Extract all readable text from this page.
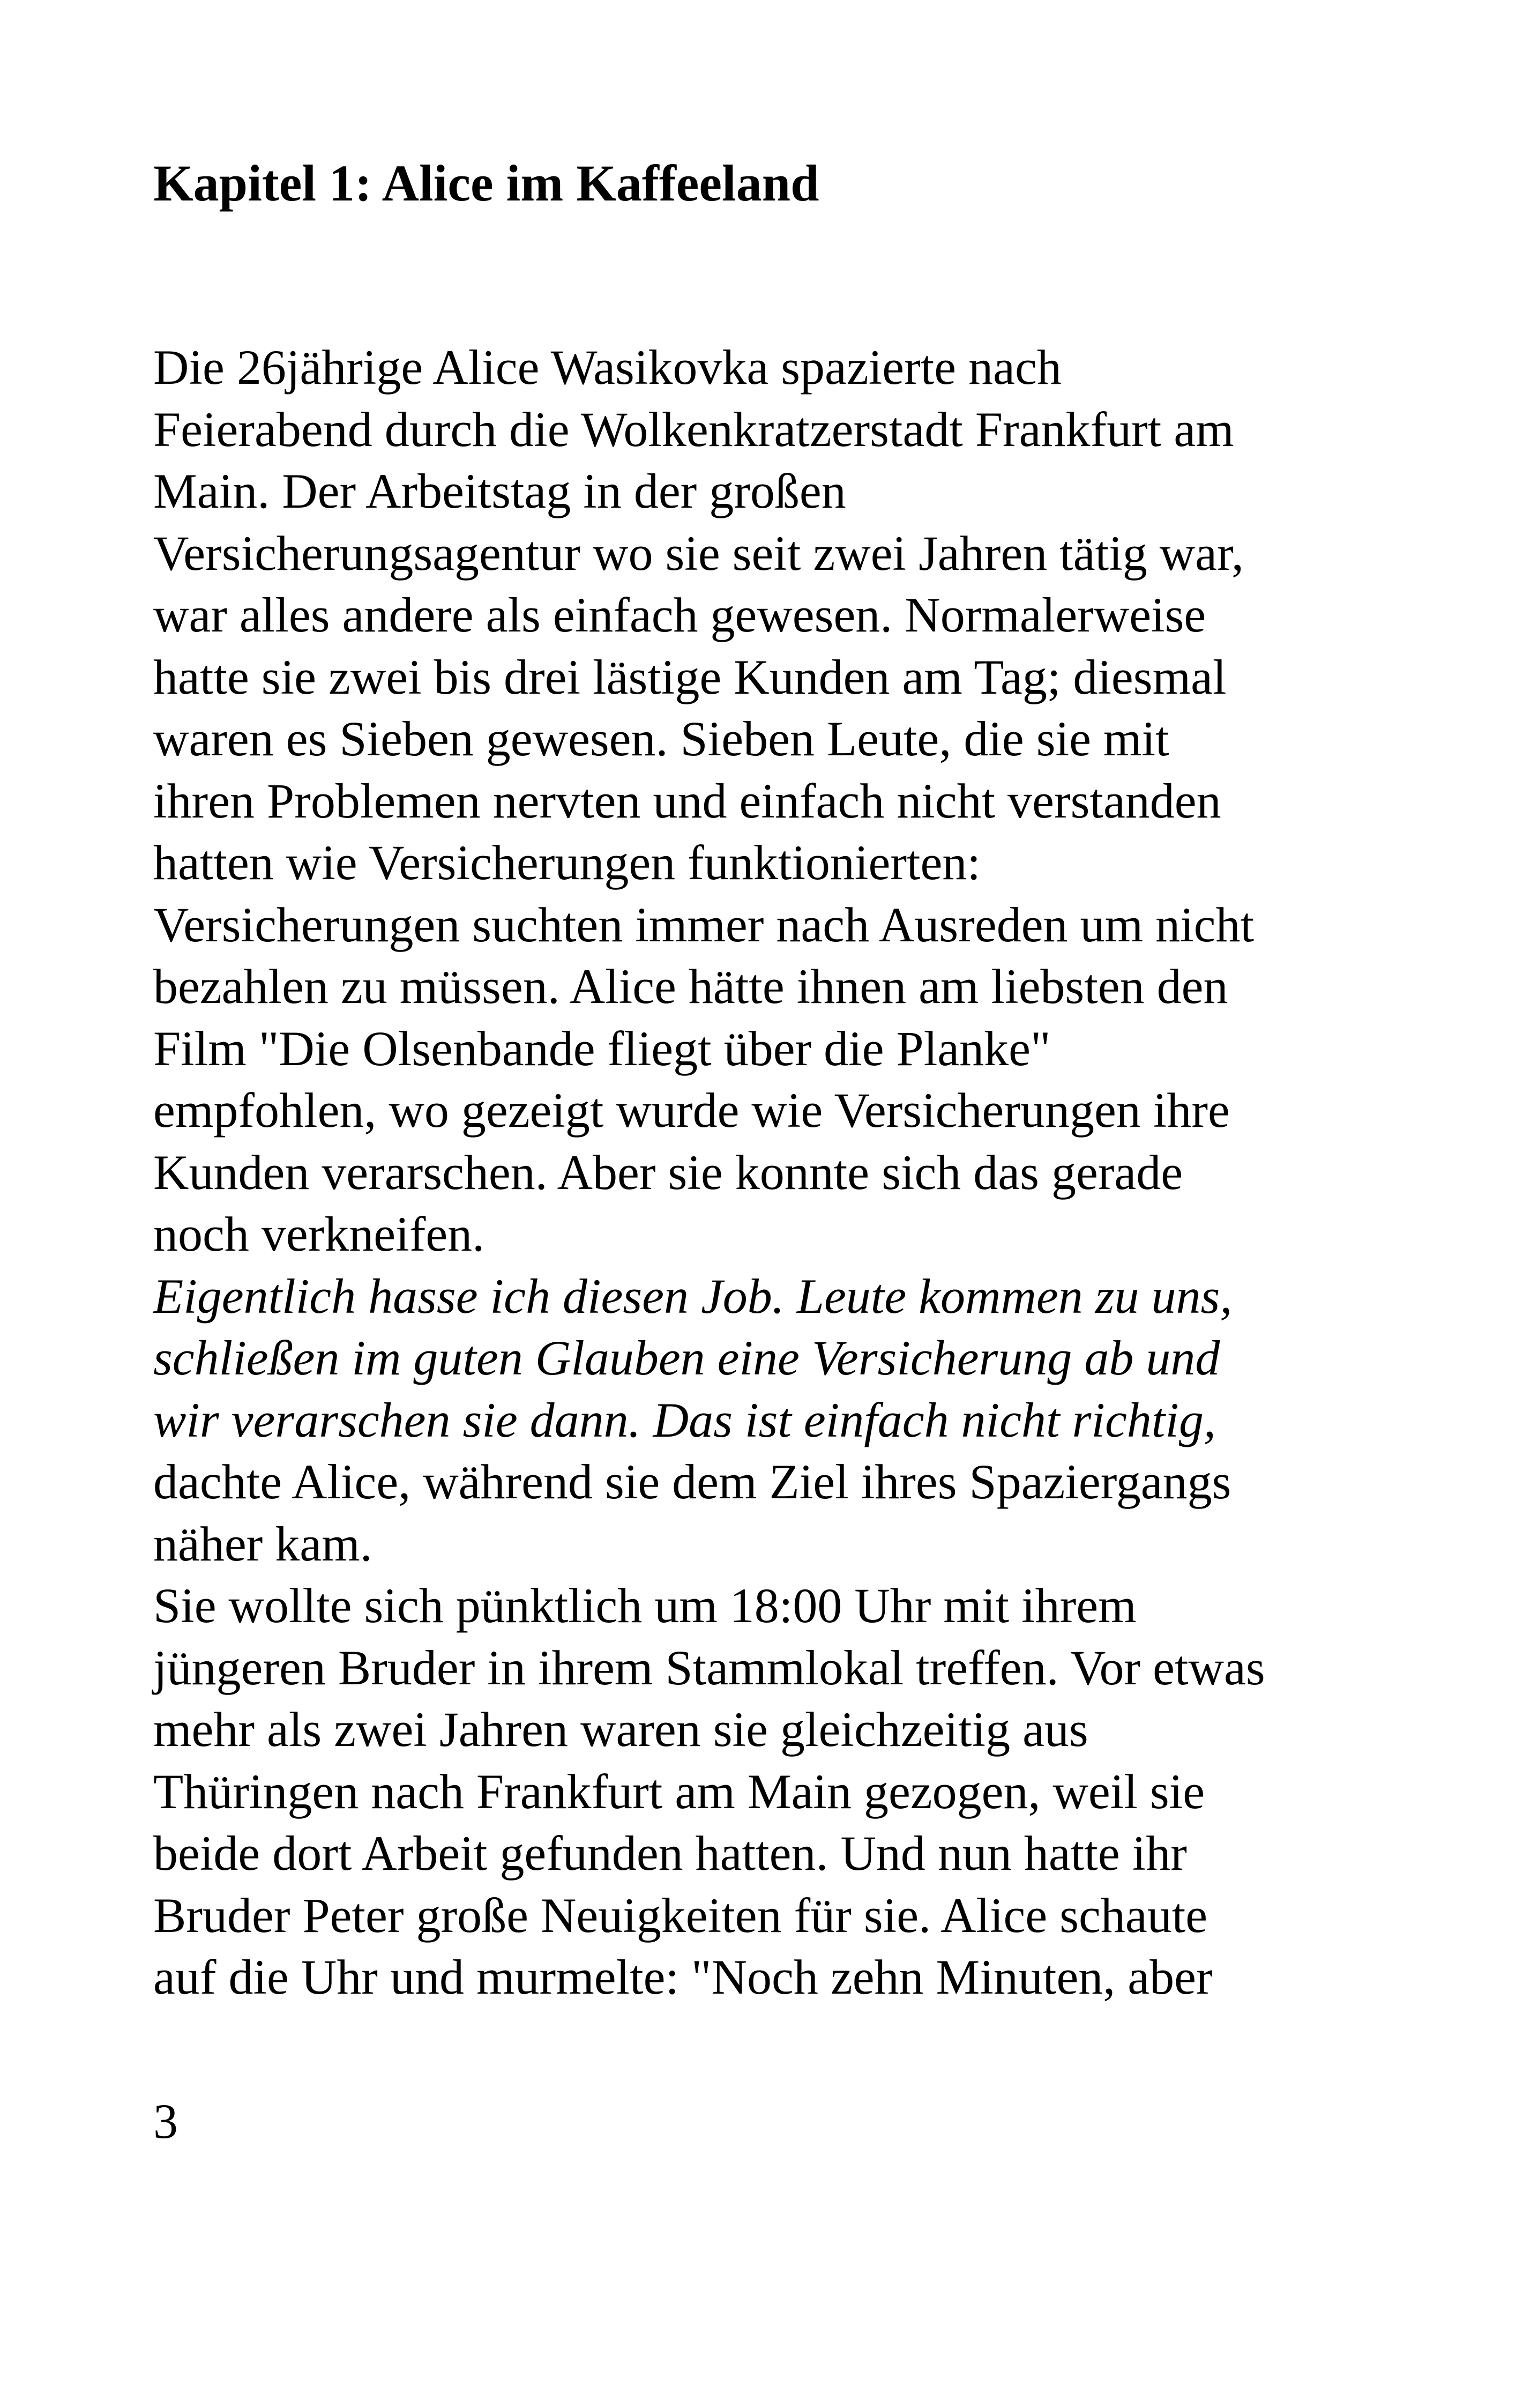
Kapitel 1: Alice im Kaffeeland
Die 26jährige Alice Wasikovka spazierte nach
Feierabend durch die Wolkenkratzerstadt Frankfurt am
Main. Der Arbeitstag in der großen
Versicherungsagentur wo sie seit zwei Jahren tätig war,
war alles andere als einfach gewesen. Normalerweise
hatte sie zwei bis drei lästige Kunden am Tag; diesmal
waren es Sieben gewesen. Sieben Leute, die sie mit
ihren Problemen nervten und einfach nicht verstanden
hatten wie Versicherungen funktionierten:
Versicherungen suchten immer nach Ausreden um nicht
bezahlen zu müssen. Alice hätte ihnen am liebsten den
Film "Die Olsenbande fliegt über die Planke"
empfohlen, wo gezeigt wurde wie Versicherungen ihre
Kunden verarschen. Aber sie konnte sich das gerade
noch verkneifen.
Eigentlich hasse ich diesen Job. Leute kommen zu uns,
schließen im guten Glauben eine Versicherung ab und
wir verarschen sie dann. Das ist einfach nicht richtig,
dachte Alice, während sie dem Ziel ihres Spaziergangs
näher kam.
Sie wollte sich pünktlich um 18:00 Uhr mit ihrem
jüngeren Bruder in ihrem Stammlokal treffen. Vor etwas
mehr als zwei Jahren waren sie gleichzeitig aus
Thüringen nach Frankfurt am Main gezogen, weil sie
beide dort Arbeit gefunden hatten. Und nun hatte ihr
Bruder Peter große Neuigkeiten für sie. Alice schaute
auf die Uhr und murmelte: "Noch zehn Minuten, aber
3
